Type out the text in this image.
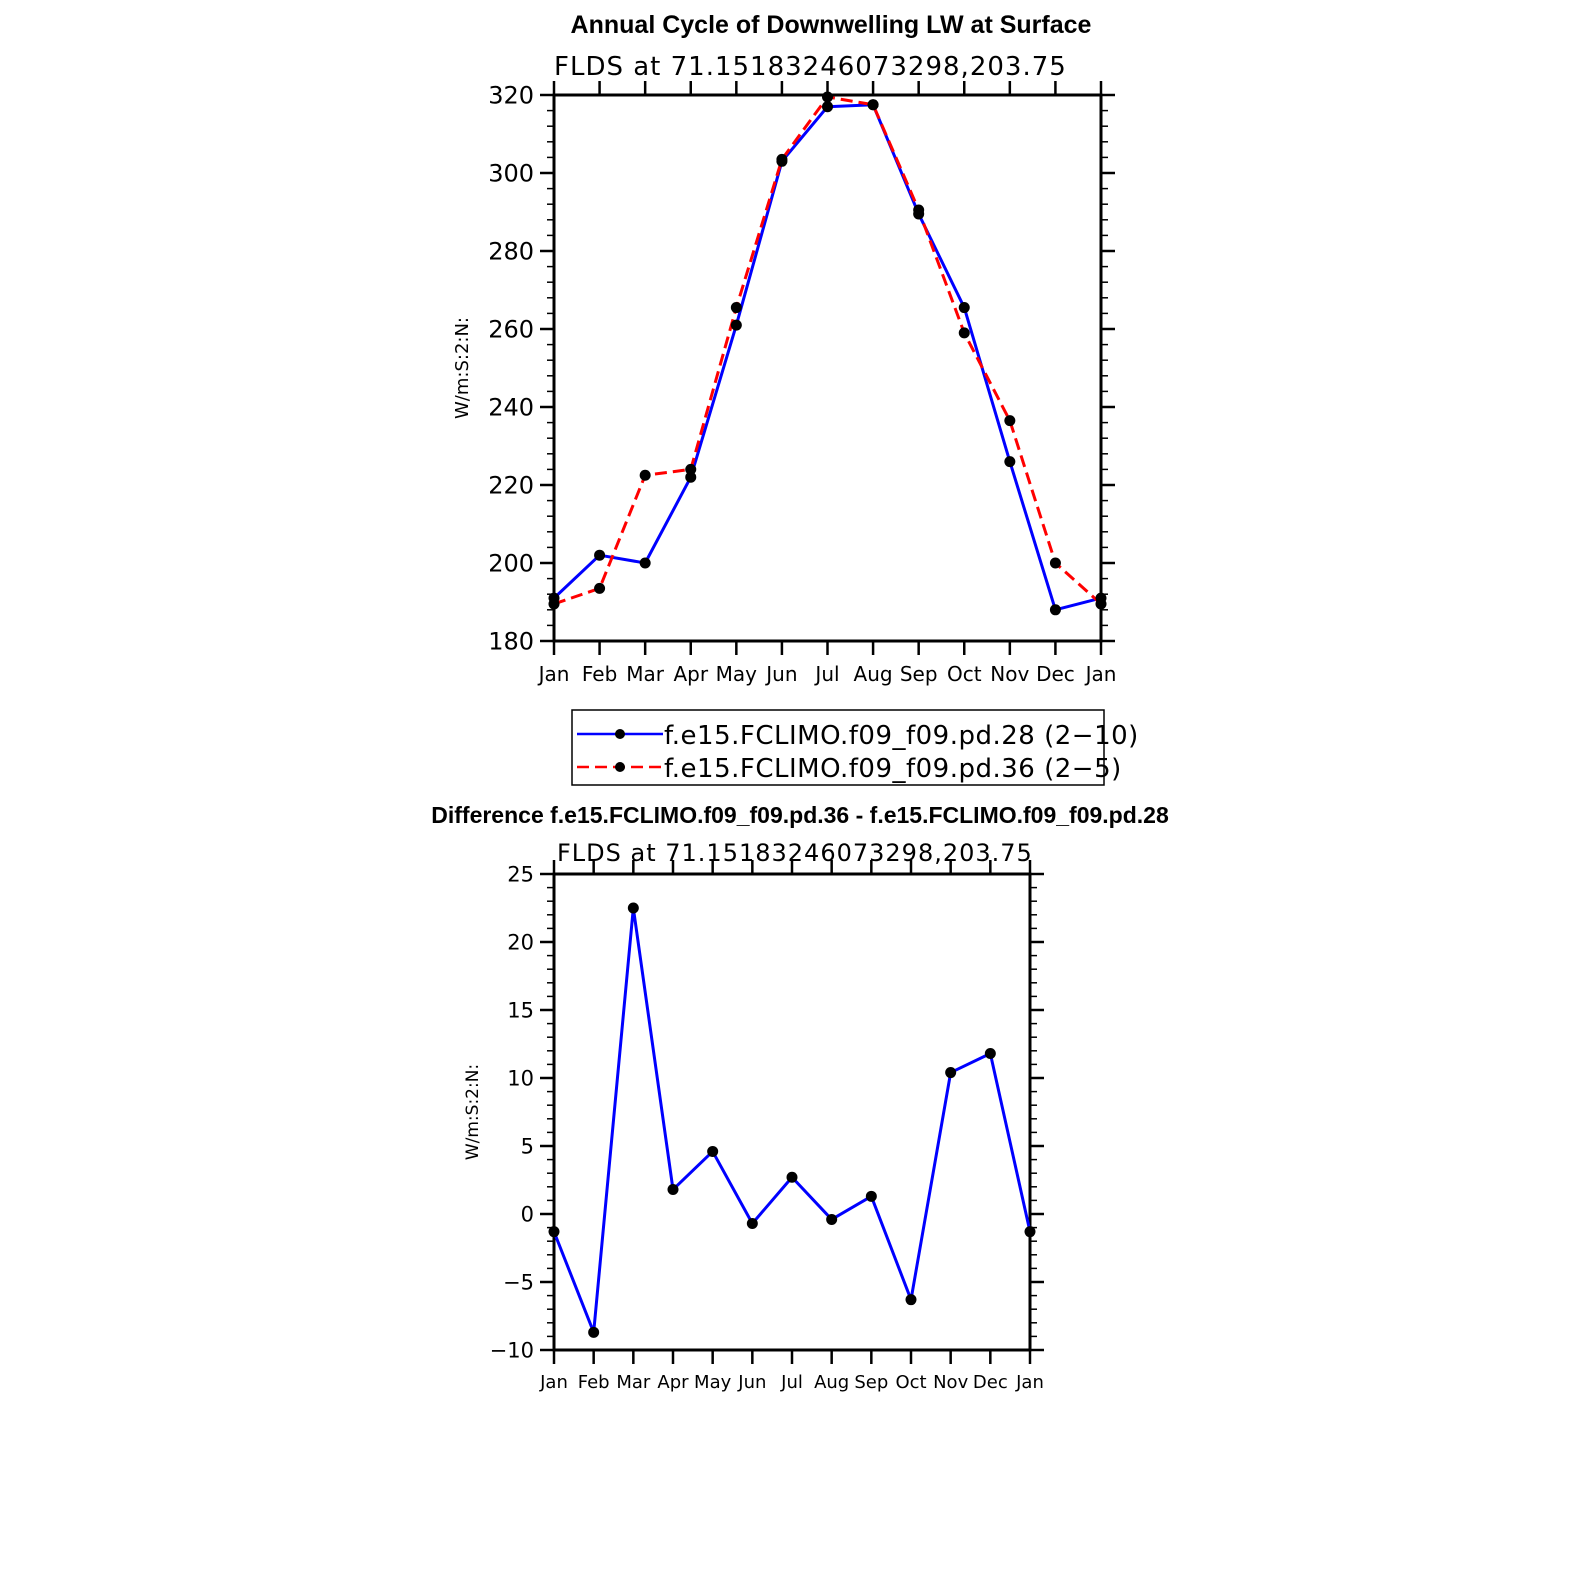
Annual Cycle of Downwelling LW at Surface
FLDS at 71.15183246073298,203.75
W/m:S:2:N:
180
200
220
240
260
280
300
320
Jan Feb Mar Apr May Jun Jul Aug Sep Oct Nov Dec Jan
f.e15.FCLIMO.f09_f09.pd.28 (2−10)
f.e15.FCLIMO.f09_f09.pd.36 (2−5)
Difference f.e15.FCLIMO.f09_f09.pd.36 - f.e15.FCLIMO.f09_f09.pd.28
FLDS at 71.15183246073298,203.75
W/m:S:2:N:
−10
−5
0
5
10
15
20
25
Jan Feb Mar Apr May Jun Jul Aug Sep Oct Nov Dec Jan
